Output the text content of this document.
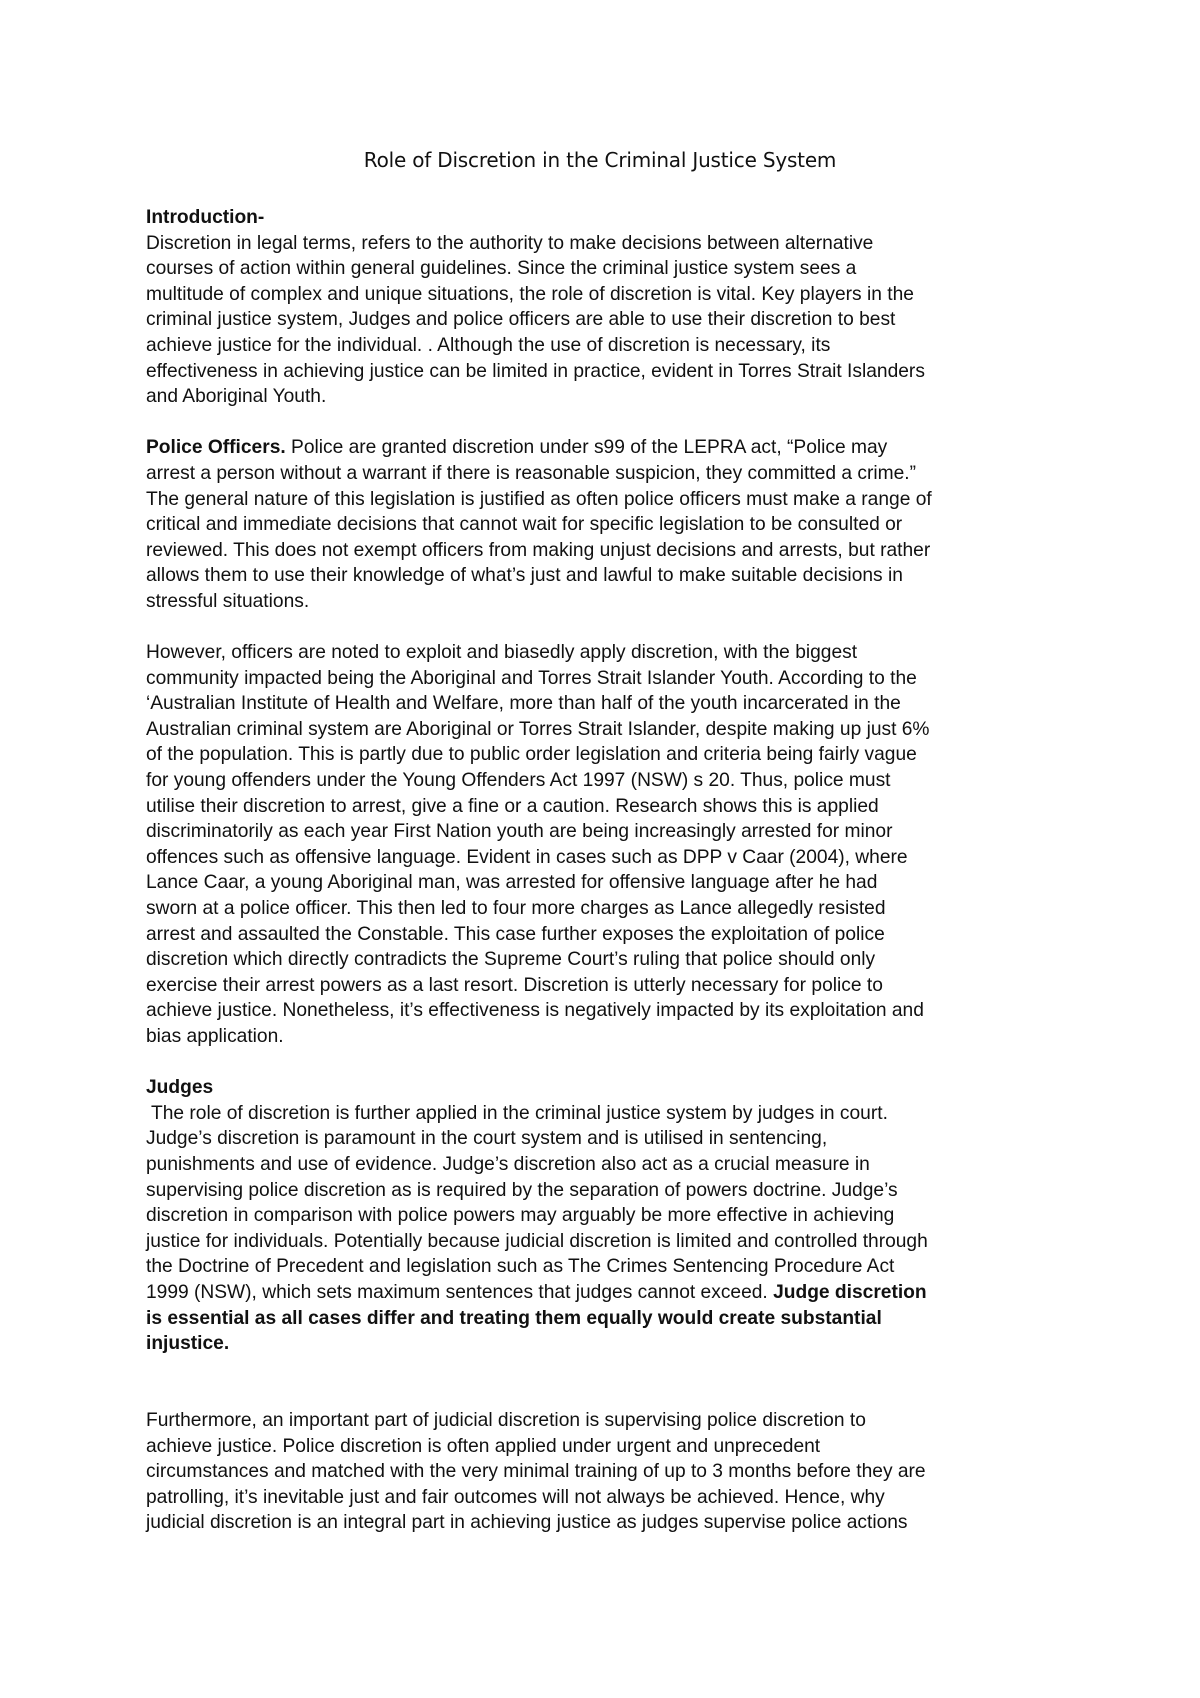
Role of Discretion in the Criminal Justice System

Introduction-

Discretion in legal terms, refers to the authority to make decisions between alternative

courses of action within general guidelines. Since the criminal justice system sees a

multitude of complex and unique situations, the role of discretion is vital. Key players in the

criminal justice system, Judges and police officers are able to use their discretion to best

achieve justice for the individual. . Although the use of discretion is necessary, its

effectiveness in achieving justice can be limited in practice, evident in Torres Strait Islanders

and Aboriginal Youth.

Police Officers. Police are granted discretion under s99 of the LEPRA act, “Police may

arrest a person without a warrant if there is reasonable suspicion, they committed a crime.”

The general nature of this legislation is justified as often police officers must make a range of

critical and immediate decisions that cannot wait for specific legislation to be consulted or

reviewed. This does not exempt officers from making unjust decisions and arrests, but rather

allows them to use their knowledge of what’s just and lawful to make suitable decisions in

stressful situations.

However, officers are noted to exploit and biasedly apply discretion, with the biggest

community impacted being the Aboriginal and Torres Strait Islander Youth. According to the

‘Australian Institute of Health and Welfare, more than half of the youth incarcerated in the

Australian criminal system are Aboriginal or Torres Strait Islander, despite making up just 6%

of the population. This is partly due to public order legislation and criteria being fairly vague

for young offenders under the Young Offenders Act 1997 (NSW) s 20. Thus, police must

utilise their discretion to arrest, give a fine or a caution. Research shows this is applied

discriminatorily as each year First Nation youth are being increasingly arrested for minor

offences such as offensive language. Evident in cases such as DPP v Caar (2004), where

Lance Caar, a young Aboriginal man, was arrested for offensive language after he had

sworn at a police officer. This then led to four more charges as Lance allegedly resisted

arrest and assaulted the Constable. This case further exposes the exploitation of police

discretion which directly contradicts the Supreme Court’s ruling that police should only

exercise their arrest powers as a last resort. Discretion is utterly necessary for police to

achieve justice. Nonetheless, it’s effectiveness is negatively impacted by its exploitation and

bias application.

Judges

The role of discretion is further applied in the criminal justice system by judges in court.

Judge’s discretion is paramount in the court system and is utilised in sentencing,

punishments and use of evidence. Judge’s discretion also act as a crucial measure in

supervising police discretion as is required by the separation of powers doctrine. Judge’s

discretion in comparison with police powers may arguably be more effective in achieving

justice for individuals. Potentially because judicial discretion is limited and controlled through

the Doctrine of Precedent and legislation such as The Crimes Sentencing Procedure Act

1999 (NSW), which sets maximum sentences that judges cannot exceed. Judge discretion

is essential as all cases differ and treating them equally would create substantial

injustice.

Furthermore, an important part of judicial discretion is supervising police discretion to

achieve justice. Police discretion is often applied under urgent and unprecedent

circumstances and matched with the very minimal training of up to 3 months before they are

patrolling, it’s inevitable just and fair outcomes will not always be achieved. Hence, why

judicial discretion is an integral part in achieving justice as judges supervise police actions
